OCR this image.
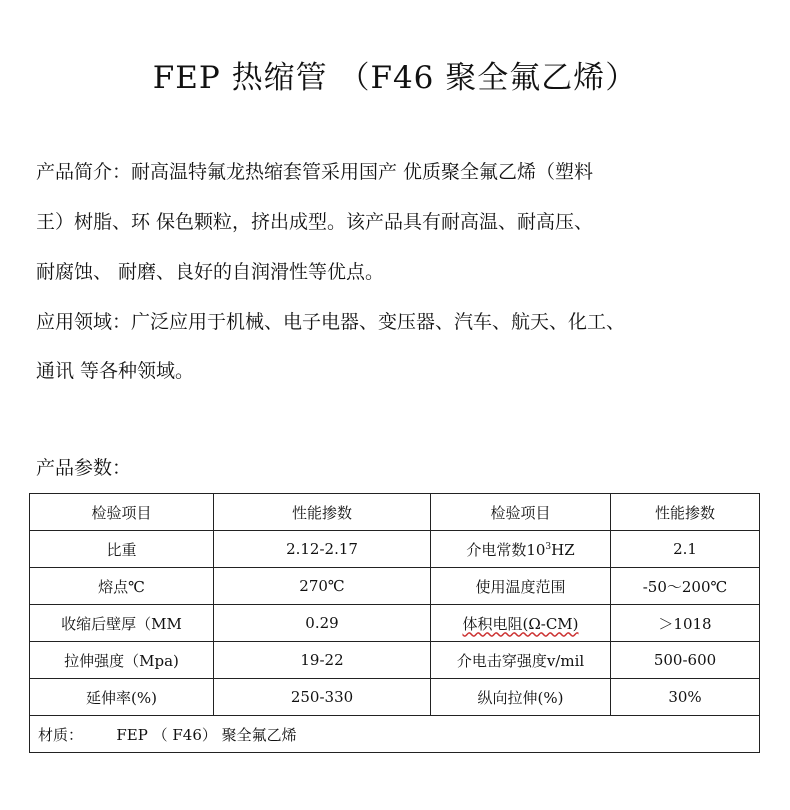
FEP 热缩管 （F46 聚全氟乙烯）
产品简介：耐高温特氟龙热缩套管采用国产 优质聚全氟乙烯（塑料
王）树脂、环 保色颗粒，挤出成型。该产品具有耐高温、耐高压、
耐腐蚀、 耐磨、良好的自润滑性等优点。
应用领域：广泛应用于机械、电子电器、变压器、汽车、航天、化工、
通讯 等各种领域。
产品参数：
检验项目	性能掺数	检验项目	性能掺数
比重	2.12-2.17	介电常数$10^3HZ$	2.1
熔点℃	270℃	使用温度范围	-50～200℃
收缩后壁厚（MM	0.29	体积电阻(Ω-CM)	＞1018
拉伸强度（Mpa)	19-22	介电击穿强度v/mil	500-600
延伸率(%)	250-330	纵向拉伸(%)	30%
材质：       FEP （ F46） 聚全氟乙烯			
